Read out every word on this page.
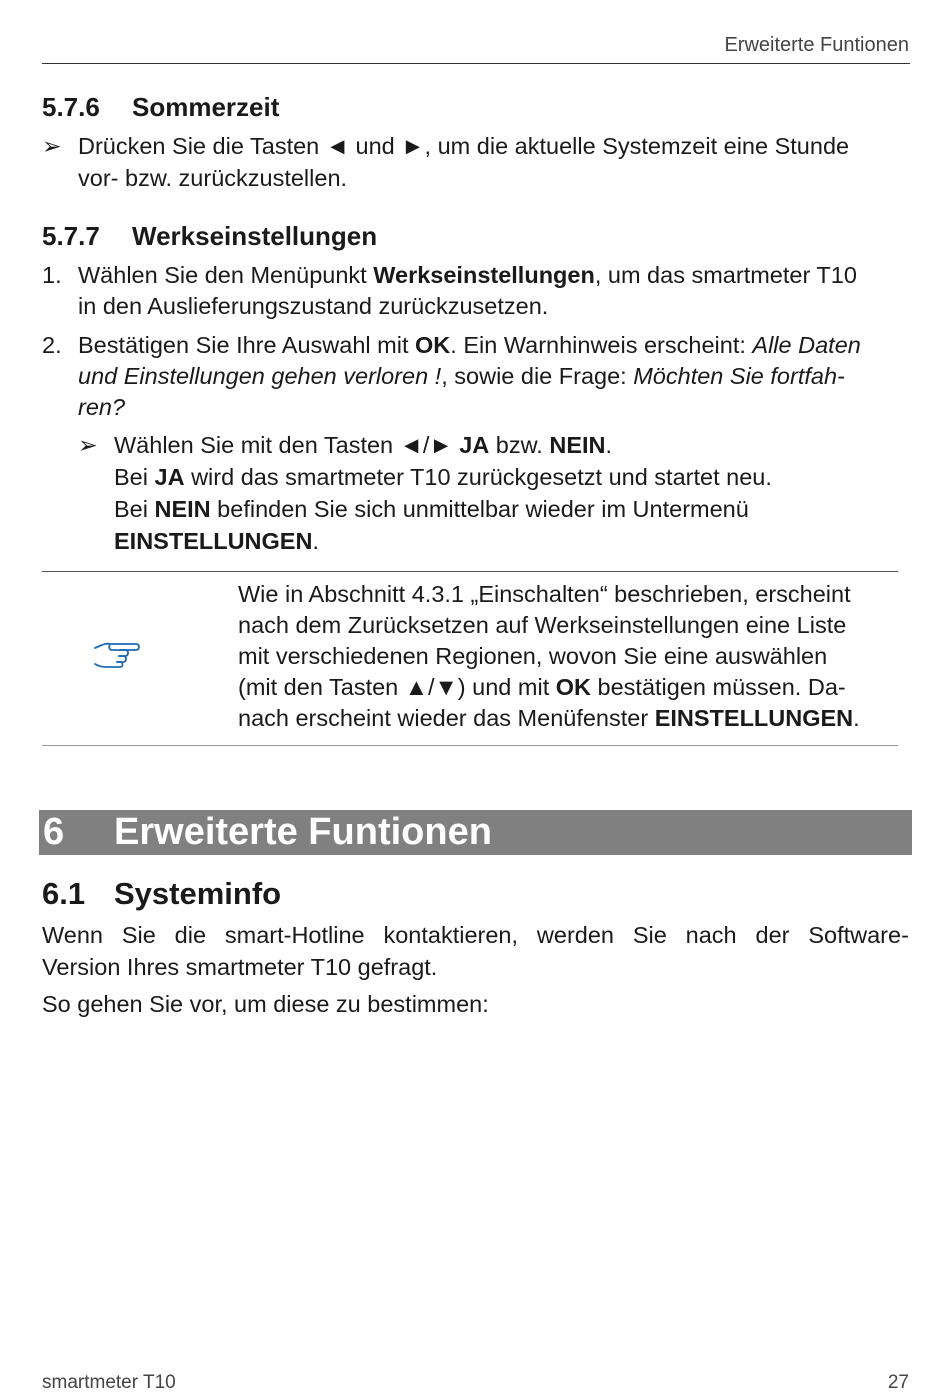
Erweiterte Funtionen
5.7.6 Sommerzeit
➢ Drücken Sie die Tasten ◄ und ►, um die aktuelle Systemzeit eine Stunde
vor- bzw. zurückzustellen.
5.7.7 Werkseinstellungen
1. Wählen Sie den Menüpunkt Werkseinstellungen, um das smartmeter T10
in den Auslieferungszustand zurückzusetzen.
2. Bestätigen Sie Ihre Auswahl mit OK. Ein Warnhinweis erscheint: Alle Daten
und Einstellungen gehen verloren !, sowie die Frage: Möchten Sie fortfah-
ren?
➢ Wählen Sie mit den Tasten ◄/► JA bzw. NEIN.
Bei JA wird das smartmeter T10 zurückgesetzt und startet neu.
Bei NEIN befinden Sie sich unmittelbar wieder im Untermenü
EINSTELLUNGEN.
Wie in Abschnitt 4.3.1 „Einschalten“ beschrieben, erscheint
nach dem Zurücksetzen auf Werkseinstellungen eine Liste
mit verschiedenen Regionen, wovon Sie eine auswählen
(mit den Tasten ▲/▼) und mit OK bestätigen müssen. Da-
nach erscheint wieder das Menüfenster EINSTELLUNGEN.
6 Erweiterte Funtionen
6.1 Systeminfo
Wenn Sie die smart-Hotline kontaktieren, werden Sie nach der Software-
Version Ihres smartmeter T10 gefragt.
So gehen Sie vor, um diese zu bestimmen:
smartmeter T10	27
